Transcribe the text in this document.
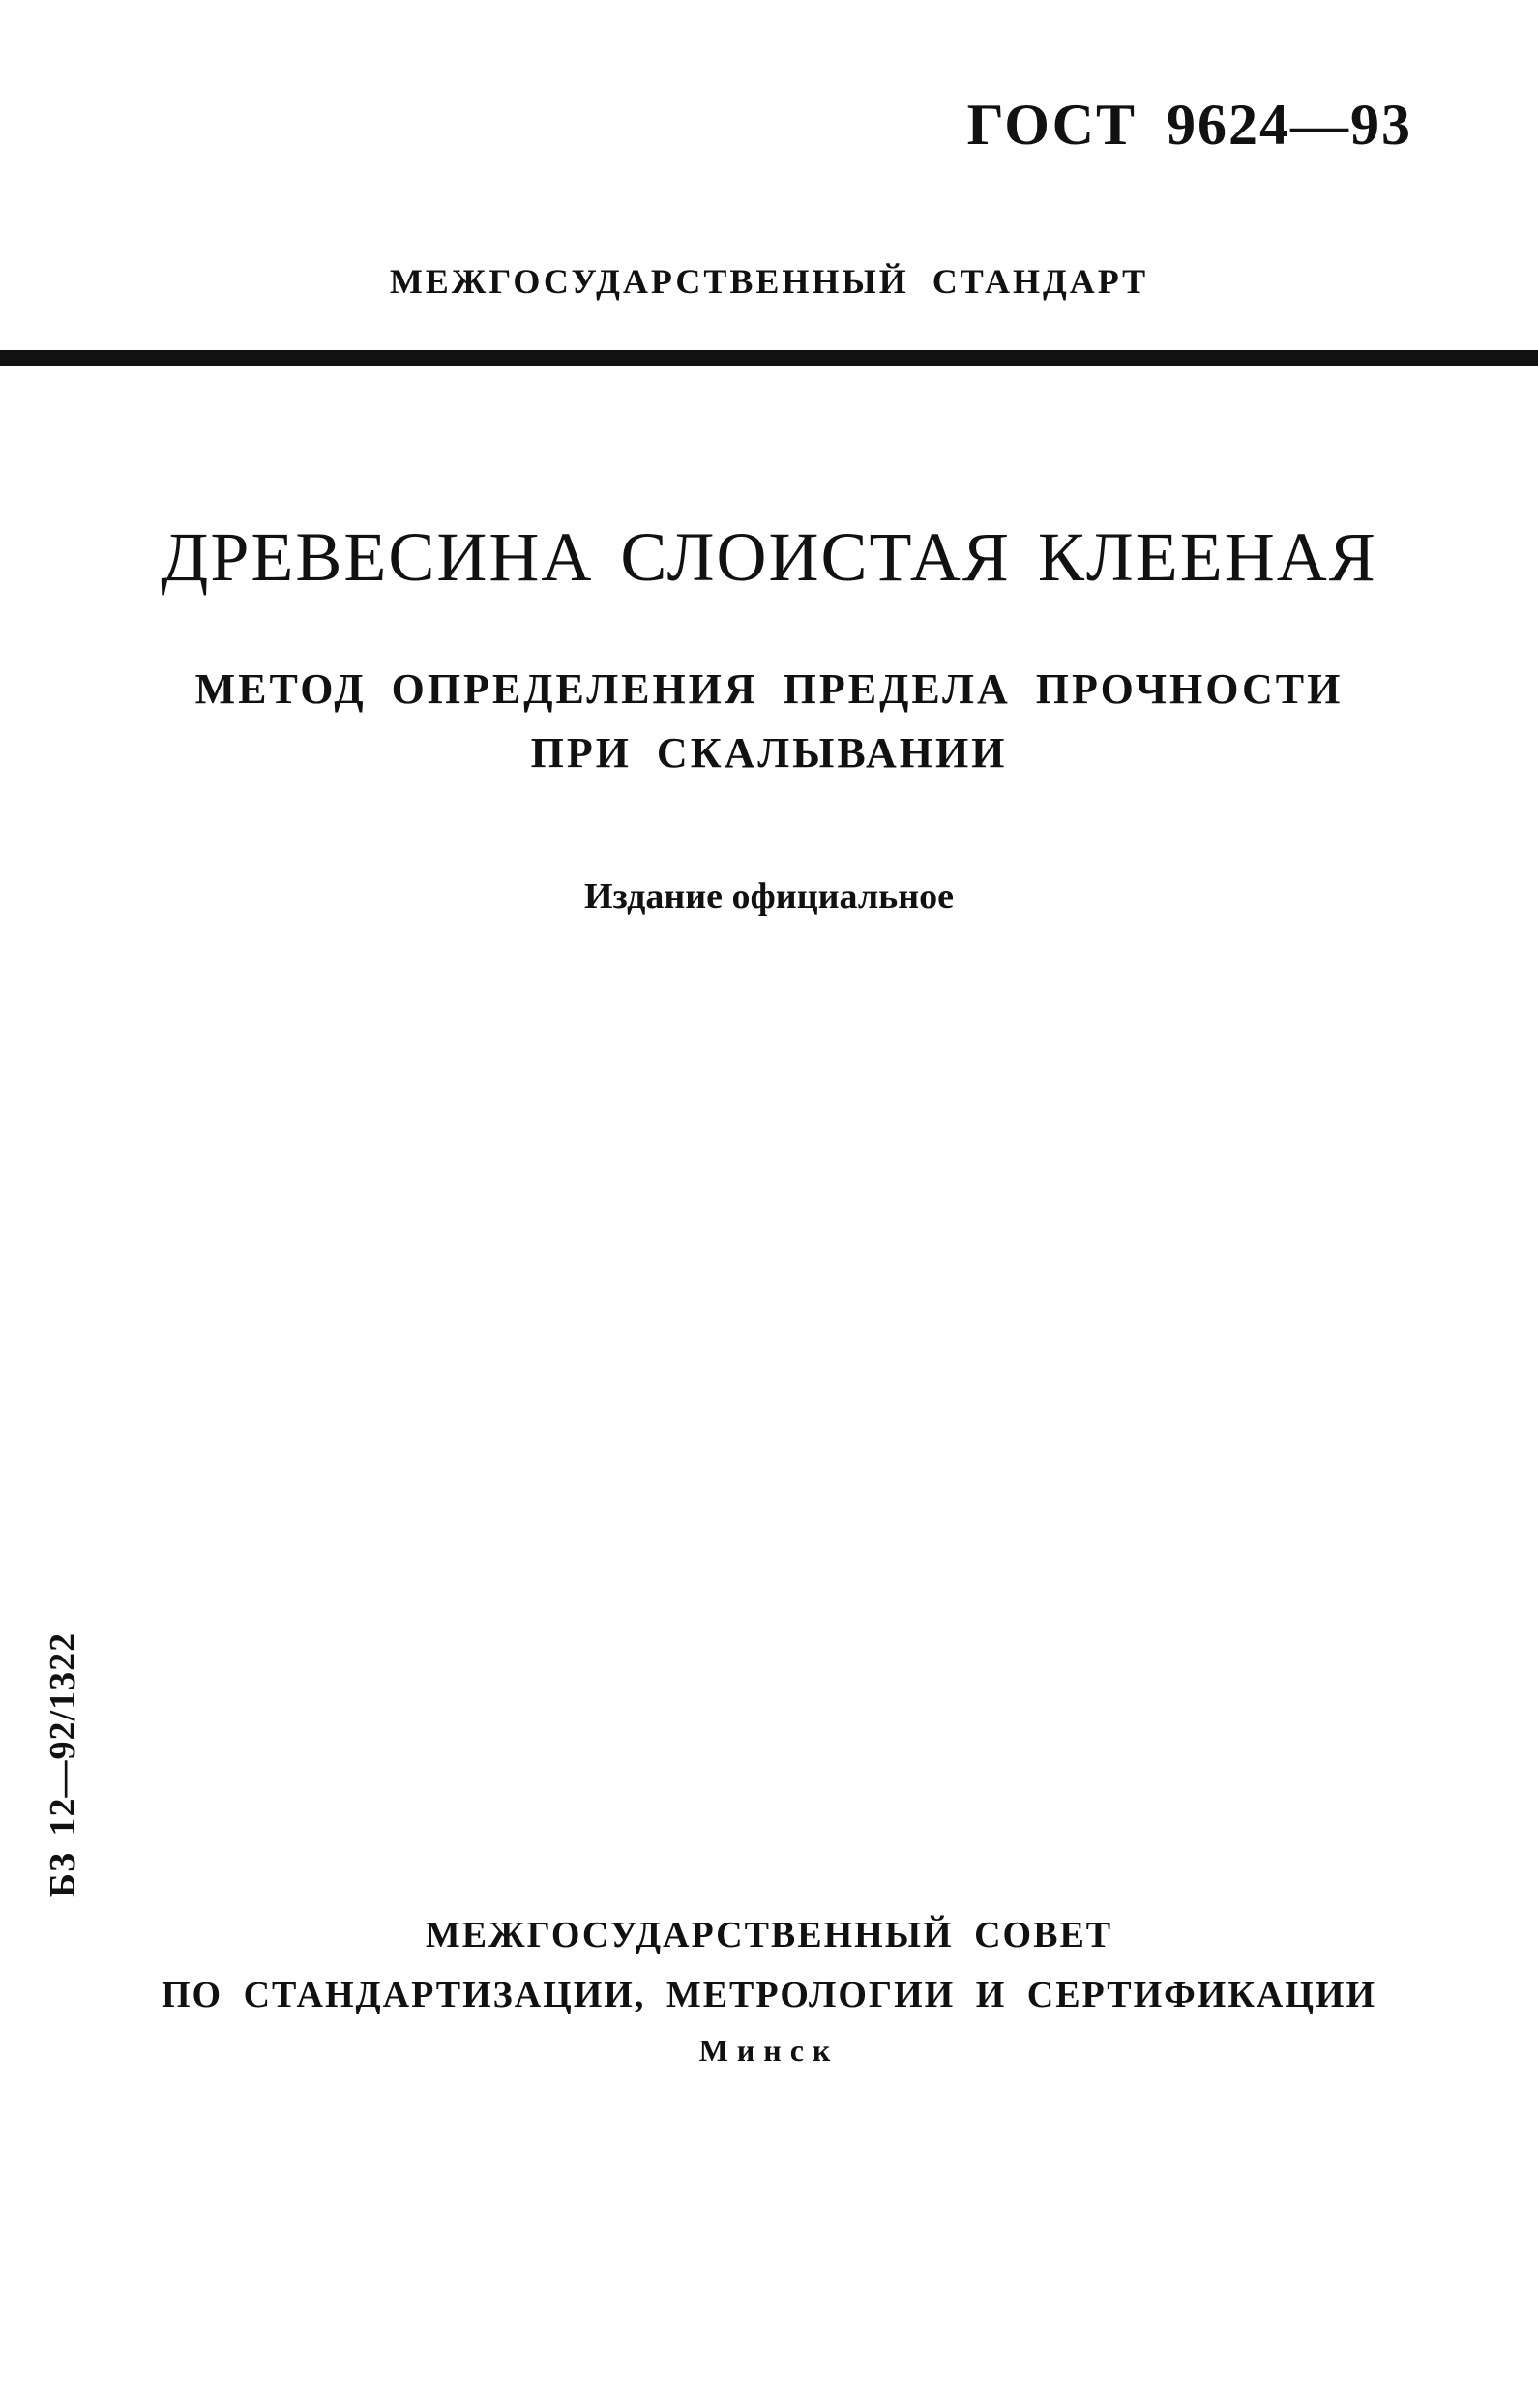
ГОСТ 9624—93
МЕЖГОСУДАРСТВЕННЫЙ СТАНДАРТ
ДРЕВЕСИНА СЛОИСТАЯ КЛЕЕНАЯ
МЕТОД ОПРЕДЕЛЕНИЯ ПРЕДЕЛА ПРОЧНОСТИ
ПРИ СКАЛЫВАНИИ
Издание официальное
БЗ 12—92/1322
МЕЖГОСУДАРСТВЕННЫЙ СОВЕТ
ПО СТАНДАРТИЗАЦИИ, МЕТРОЛОГИИ И СЕРТИФИКАЦИИ
Минск
